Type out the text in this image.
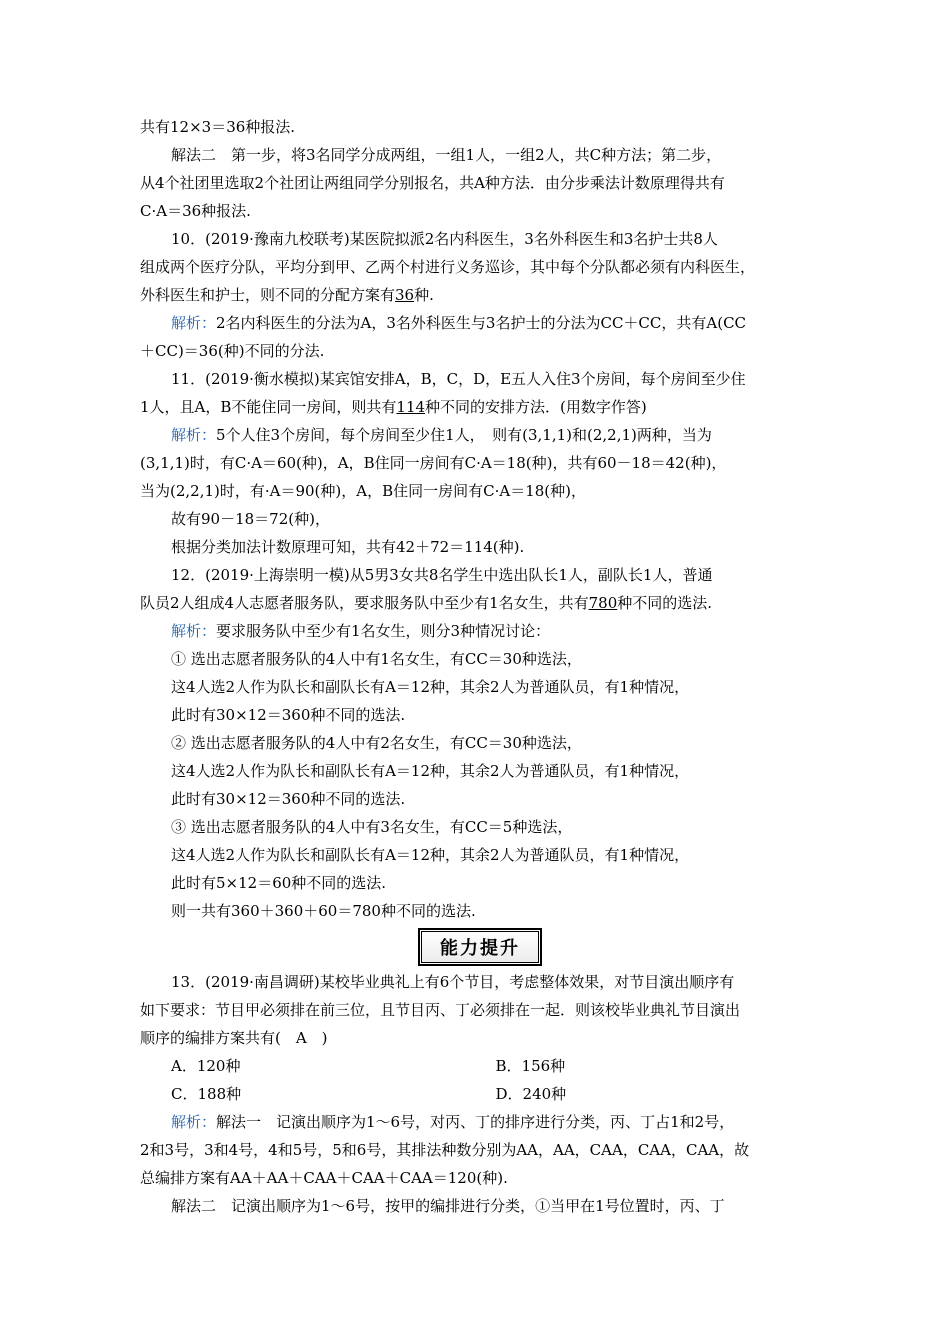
共有12×3＝36种报法.
解法二　第一步，将3名同学分成两组，一组1人，一组2人，共C种方法；第二步，
从4个社团里选取2个社团让两组同学分别报名，共A种方法．由分步乘法计数原理得共有
C·A＝36种报法.
10．(2019·豫南九校联考)某医院拟派2名内科医生，3名外科医生和3名护士共8人
组成两个医疗分队，平均分到甲、乙两个村进行义务巡诊，其中每个分队都必须有内科医生，
外科医生和护士，则不同的分配方案有36种.
解析：2名内科医生的分法为A，3名外科医生与3名护士的分法为CC＋CC，共有A(CC
＋CC)＝36(种)不同的分法.
11．(2019·衡水模拟)某宾馆安排A，B，C，D，E五人入住3个房间，每个房间至少住
1人，且A，B不能住同一房间，则共有114种不同的安排方法．(用数字作答)
解析：5个人住3个房间，每个房间至少住1人，　则有(3,1,1)和(2,2,1)两种，当为
(3,1,1)时，有C·A＝60(种)，A，B住同一房间有C·A＝18(种)，共有60－18＝42(种)，
当为(2,2,1)时，有·A＝90(种)，A，B住同一房间有C·A＝18(种)，
故有90－18＝72(种)，
根据分类加法计数原理可知，共有42＋72＝114(种).
12．(2019·上海崇明一模)从5男3女共8名学生中选出队长1人，副队长1人，普通
队员2人组成4人志愿者服务队，要求服务队中至少有1名女生，共有780种不同的选法.
解析：要求服务队中至少有1名女生，则分3种情况讨论：
① 选出志愿者服务队的4人中有1名女生，有CC＝30种选法，
这4人选2人作为队长和副队长有A＝12种，其余2人为普通队员，有1种情况，
此时有30×12＝360种不同的选法.
② 选出志愿者服务队的4人中有2名女生，有CC＝30种选法，
这4人选2人作为队长和副队长有A＝12种，其余2人为普通队员，有1种情况，
此时有30×12＝360种不同的选法.
③ 选出志愿者服务队的4人中有3名女生，有CC＝5种选法，
这4人选2人作为队长和副队长有A＝12种，其余2人为普通队员，有1种情况，
此时有5×12＝60种不同的选法.
则一共有360＋360＋60＝780种不同的选法.
能力提升
13．(2019·南昌调研)某校毕业典礼上有6个节目，考虑整体效果，对节目演出顺序有
如下要求：节目甲必须排在前三位，且节目丙、丁必须排在一起．则该校毕业典礼节目演出
顺序的编排方案共有(　A　)
A．120种	B．156种
C．188种	D．240种
解析：解法一　记演出顺序为1～6号，对丙、丁的排序进行分类，丙、丁占1和2号，
2和3号，3和4号，4和5号，5和6号，其排法种数分别为AA，AA，CAA，CAA，CAA，故
总编排方案有AA＋AA＋CAA＋CAA＋CAA＝120(种).
解法二　记演出顺序为1～6号，按甲的编排进行分类，①当甲在1号位置时，丙、丁
